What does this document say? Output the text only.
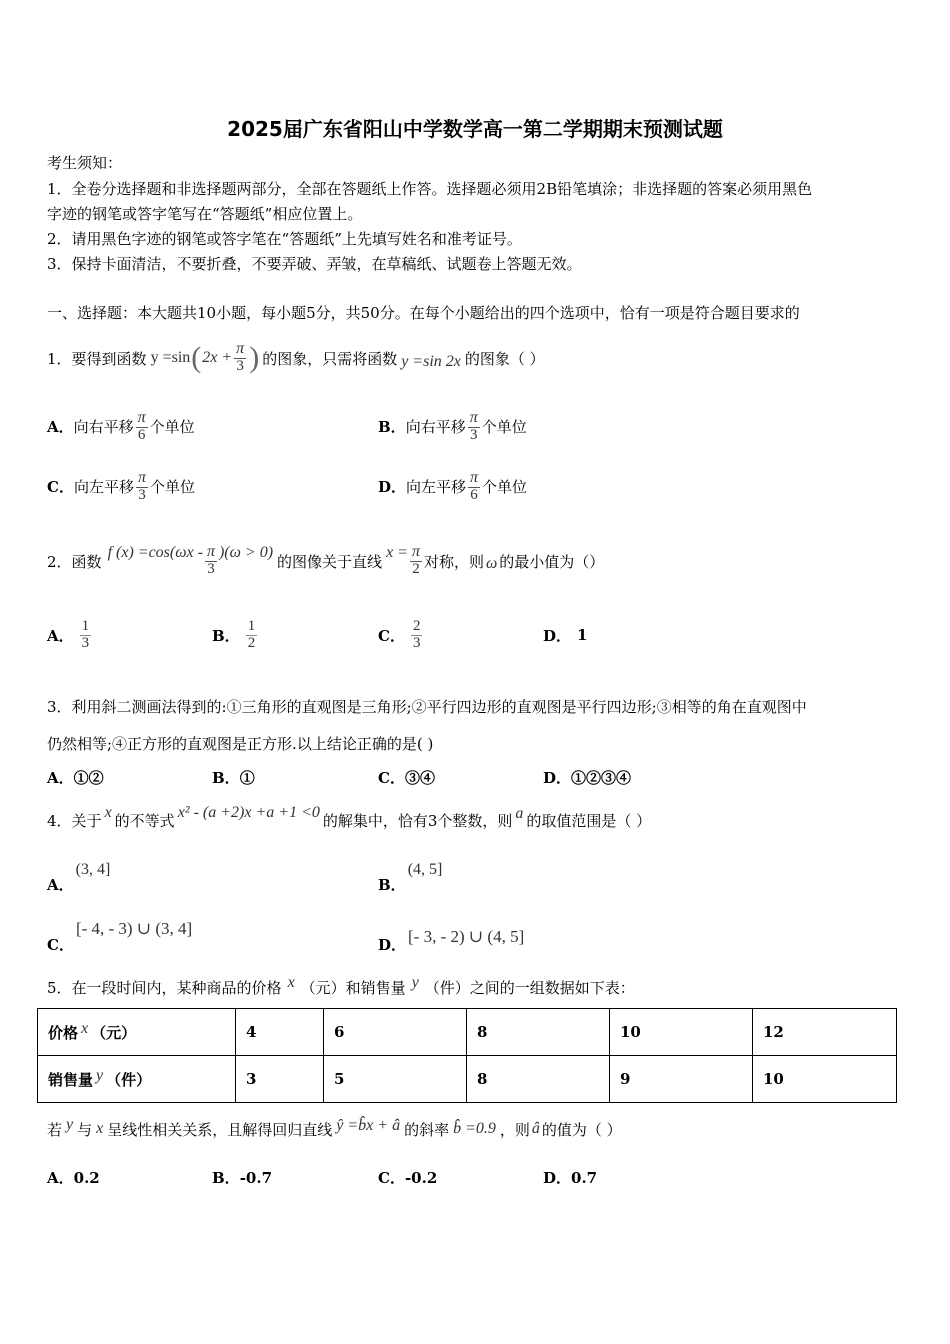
2025届广东省阳山中学数学高一第二学期期末预测试题
考生须知：
1．全卷分选择题和非选择题两部分，全部在答题纸上作答。选择题必须用2B铅笔填涂；非选择题的答案必须用黑色
字迹的钢笔或答字笔写在“答题纸”相应位置上。
2．请用黑色字迹的钢笔或答字笔在“答题纸”上先填写姓名和准考证号。
3．保持卡面清洁，不要折叠，不要弄破、弄皱，在草稿纸、试题卷上答题无效。
一、选择题：本大题共10小题，每小题5分，共50分。在每个小题给出的四个选项中，恰有一项是符合题目要求的
1． 要得到函数 y =sin ( $2x + \frac{\pi}{3}$ ) 的图象，只需将函数 y =sin 2x 的图象（ ）
A． 向右平移 $\frac{\pi}{6}$ 个单位	B． 向右平移 $\frac{\pi}{3}$ 个单位
C． 向左平移 $\frac{\pi}{3}$ 个单位	D． 向左平移 $\frac{\pi}{6}$ 个单位
2． 函数 f $(x) =\cos(\omega x - \frac{\pi}{3} )(\omega > 0)$ 的图像关于直线 $x = \frac{\pi}{2}$ 对称，则 ω 的最小值为（）
A． $\frac{1}{3}$	B． $\frac{1}{2}$	C． $\frac{2}{3}$	D． 1
3．利用斜二测画法得到的:①三角形的直观图是三角形;②平行四边形的直观图是平行四边形;③相等的角在直观图中
仍然相等;④正方形的直观图是正方形.以上结论正确的是( )
A．①②	B．①	C．③④	D．①②③④
4． 关于 x 的不等式 x² - (a +2)x +a +1 <0 的解集中，恰有3个整数，则 a 的取值范围是（ ）
A．(3, 4]
B．(4, 5]
C．[- 4, - 3) ∪ (3, 4]
D． [- 3, - 2) ∪ (4, 5]
5． 在一段时间内，某种商品的价格 x （元）和销售量 y （件）之间的一组数据如下表：
价格 x （元）	4	6	8	10	12
销售量 y （件）	3	5	8	9	10
若 y 与 x 呈线性相关关系，且解得回归直线 ŷ =b̂x + â 的斜率 b̂ =0.9 ，则 â 的值为（ ）
A．0.2	B．-0.7	C．-0.2	D．0.7
